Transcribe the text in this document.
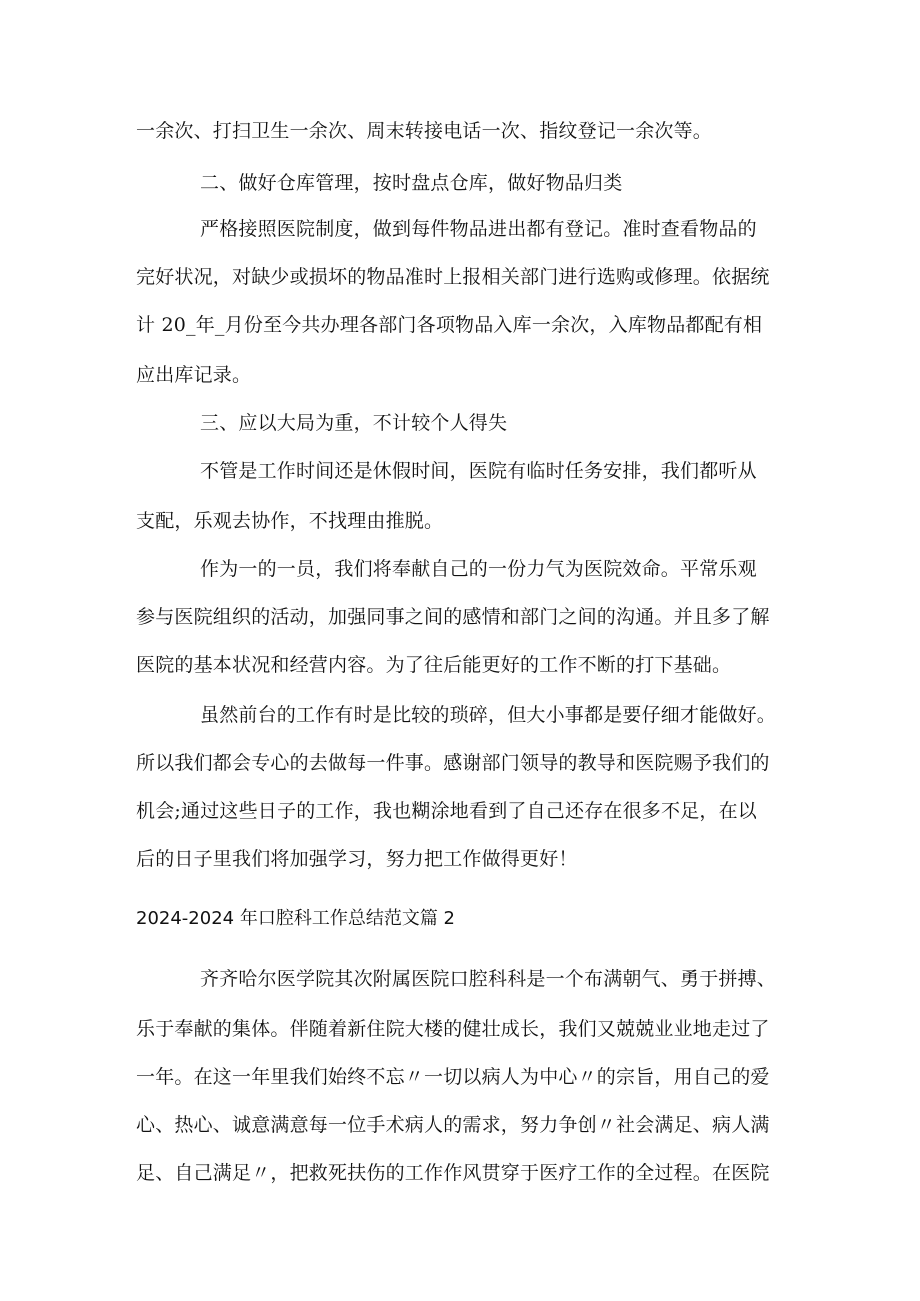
一余次、打扫卫生一余次、周末转接电话一次、指纹登记一余次等。
二、做好仓库管理，按时盘点仓库，做好物品归类
严格接照医院制度，做到每件物品进出都有登记。准时查看物品的
完好状况，对缺少或损坏的物品准时上报相关部门进行选购或修理。依据统
计 20_年_月份至今共办理各部门各项物品入库一余次，入库物品都配有相
应出库记录。
三、应以大局为重，不计较个人得失
不管是工作时间还是休假时间，医院有临时任务安排，我们都听从
支配，乐观去协作，不找理由推脱。
作为一的一员，我们将奉献自己的一份力气为医院效命。平常乐观
参与医院组织的活动，加强同事之间的感情和部门之间的沟通。并且多了解
医院的基本状况和经营内容。为了往后能更好的工作不断的打下基础。
虽然前台的工作有时是比较的琐碎，但大小事都是要仔细才能做好。
所以我们都会专心的去做每一件事。感谢部门领导的教导和医院赐予我们的
机会;通过这些日子的工作，我也糊涂地看到了自己还存在很多不足，在以
后的日子里我们将加强学习，努力把工作做得更好！
2024-2024 年口腔科工作总结范文篇 2
齐齐哈尔医学院其次附属医院口腔科科是一个布满朝气、勇于拼搏、
乐于奉献的集体。伴随着新住院大楼的健壮成长，我们又兢兢业业地走过了
一年。在这一年里我们始终不忘〃一切以病人为中心〃的宗旨，用自己的爱
心、热心、诚意满意每一位手术病人的需求，努力争创〃社会满足、病人满
足、自己满足〃，把救死扶伤的工作作风贯穿于医疗工作的全过程。在医院
